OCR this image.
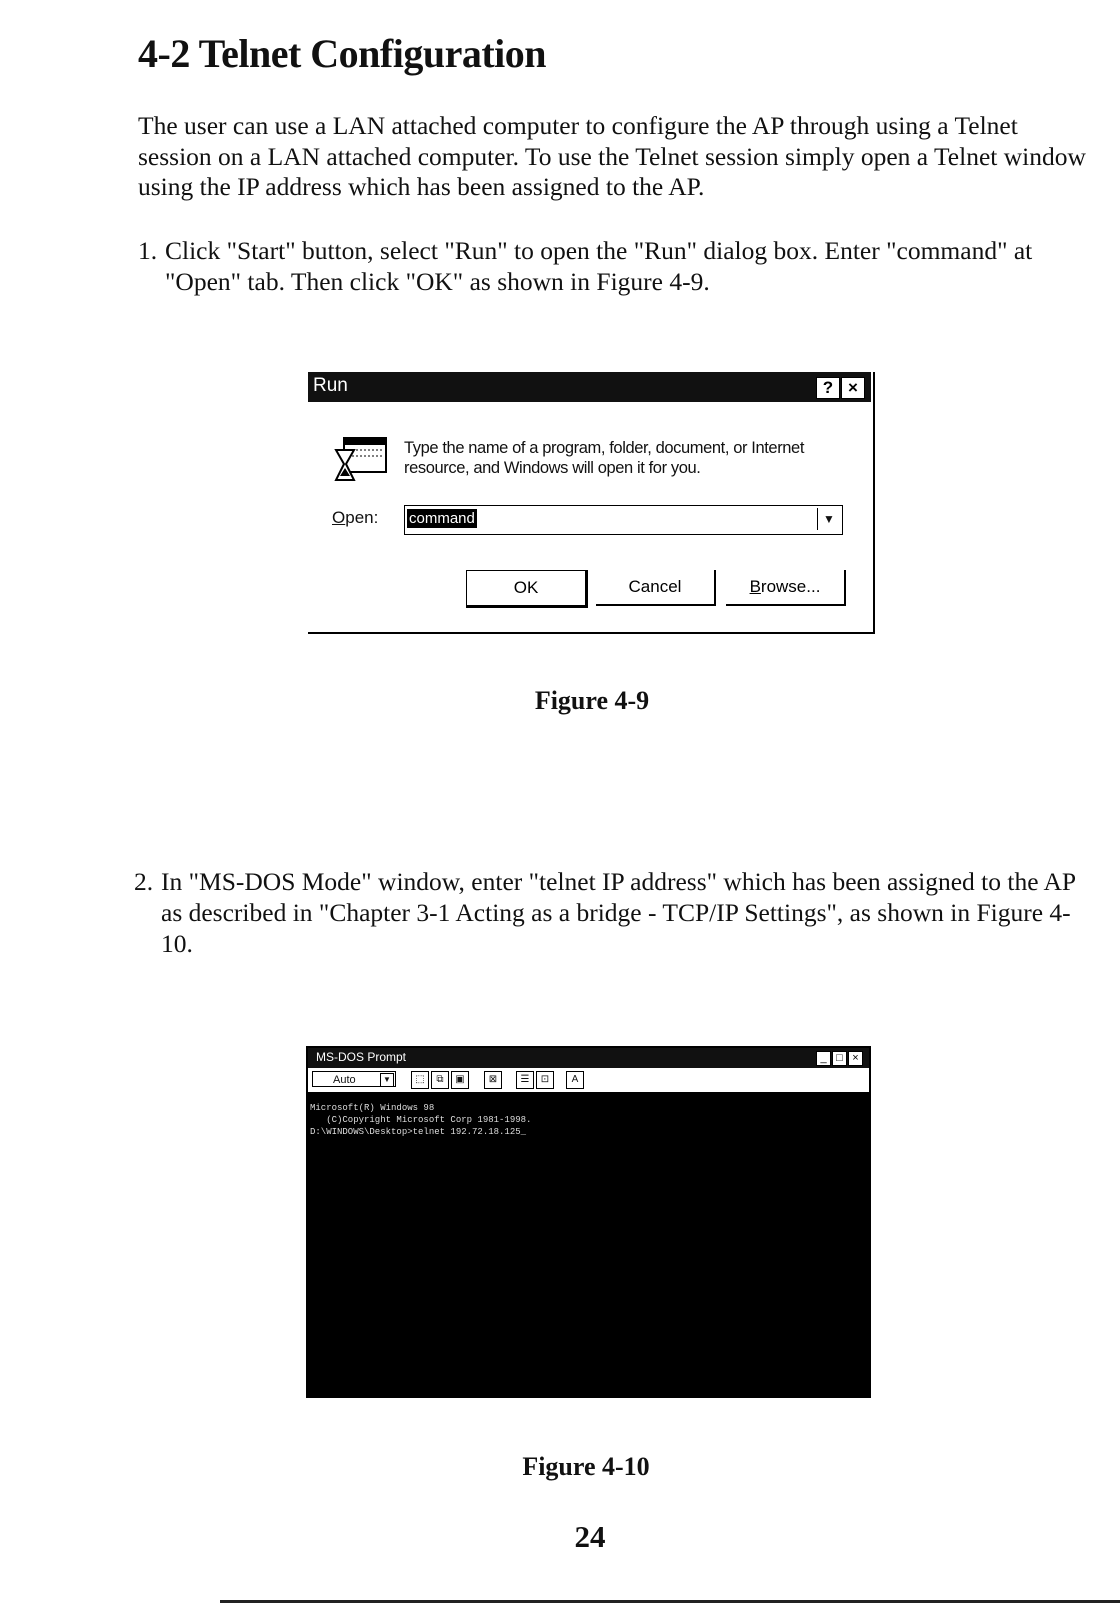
4-2 Telnet Configuration

The user can use a LAN attached computer to configure the AP through using a Telnet session on a LAN attached computer. To use the Telnet session simply open a Telnet window using the IP address which has been assigned to the AP.

1. Click "Start" button, select "Run" to open the "Run" dialog box. Enter "command" at "Open" tab. Then click "OK" as shown in Figure 4-9.
Run	? ×
Type the name of a program, folder, document, or Internet resource, and Windows will open it for you.
Open: command	▼
OK	Cancel	Browse...
Figure 4-9
2. In "MS-DOS Mode" window, enter "telnet IP address" which has been assigned to the AP as described in "Chapter 3-1 Acting as a bridge - TCP/IP Settings", as shown in Figure 4-10.
MS-DOS Prompt	_ □ ×
Auto	▼	⬚	⧉	▣	⊠	☰	⊡	A
Microsoft(R) Windows 98
(C)Copyright Microsoft Corp 1981-1998.
D:\WINDOWS\Desktop>telnet 192.72.18.125_
Figure 4-10
24
